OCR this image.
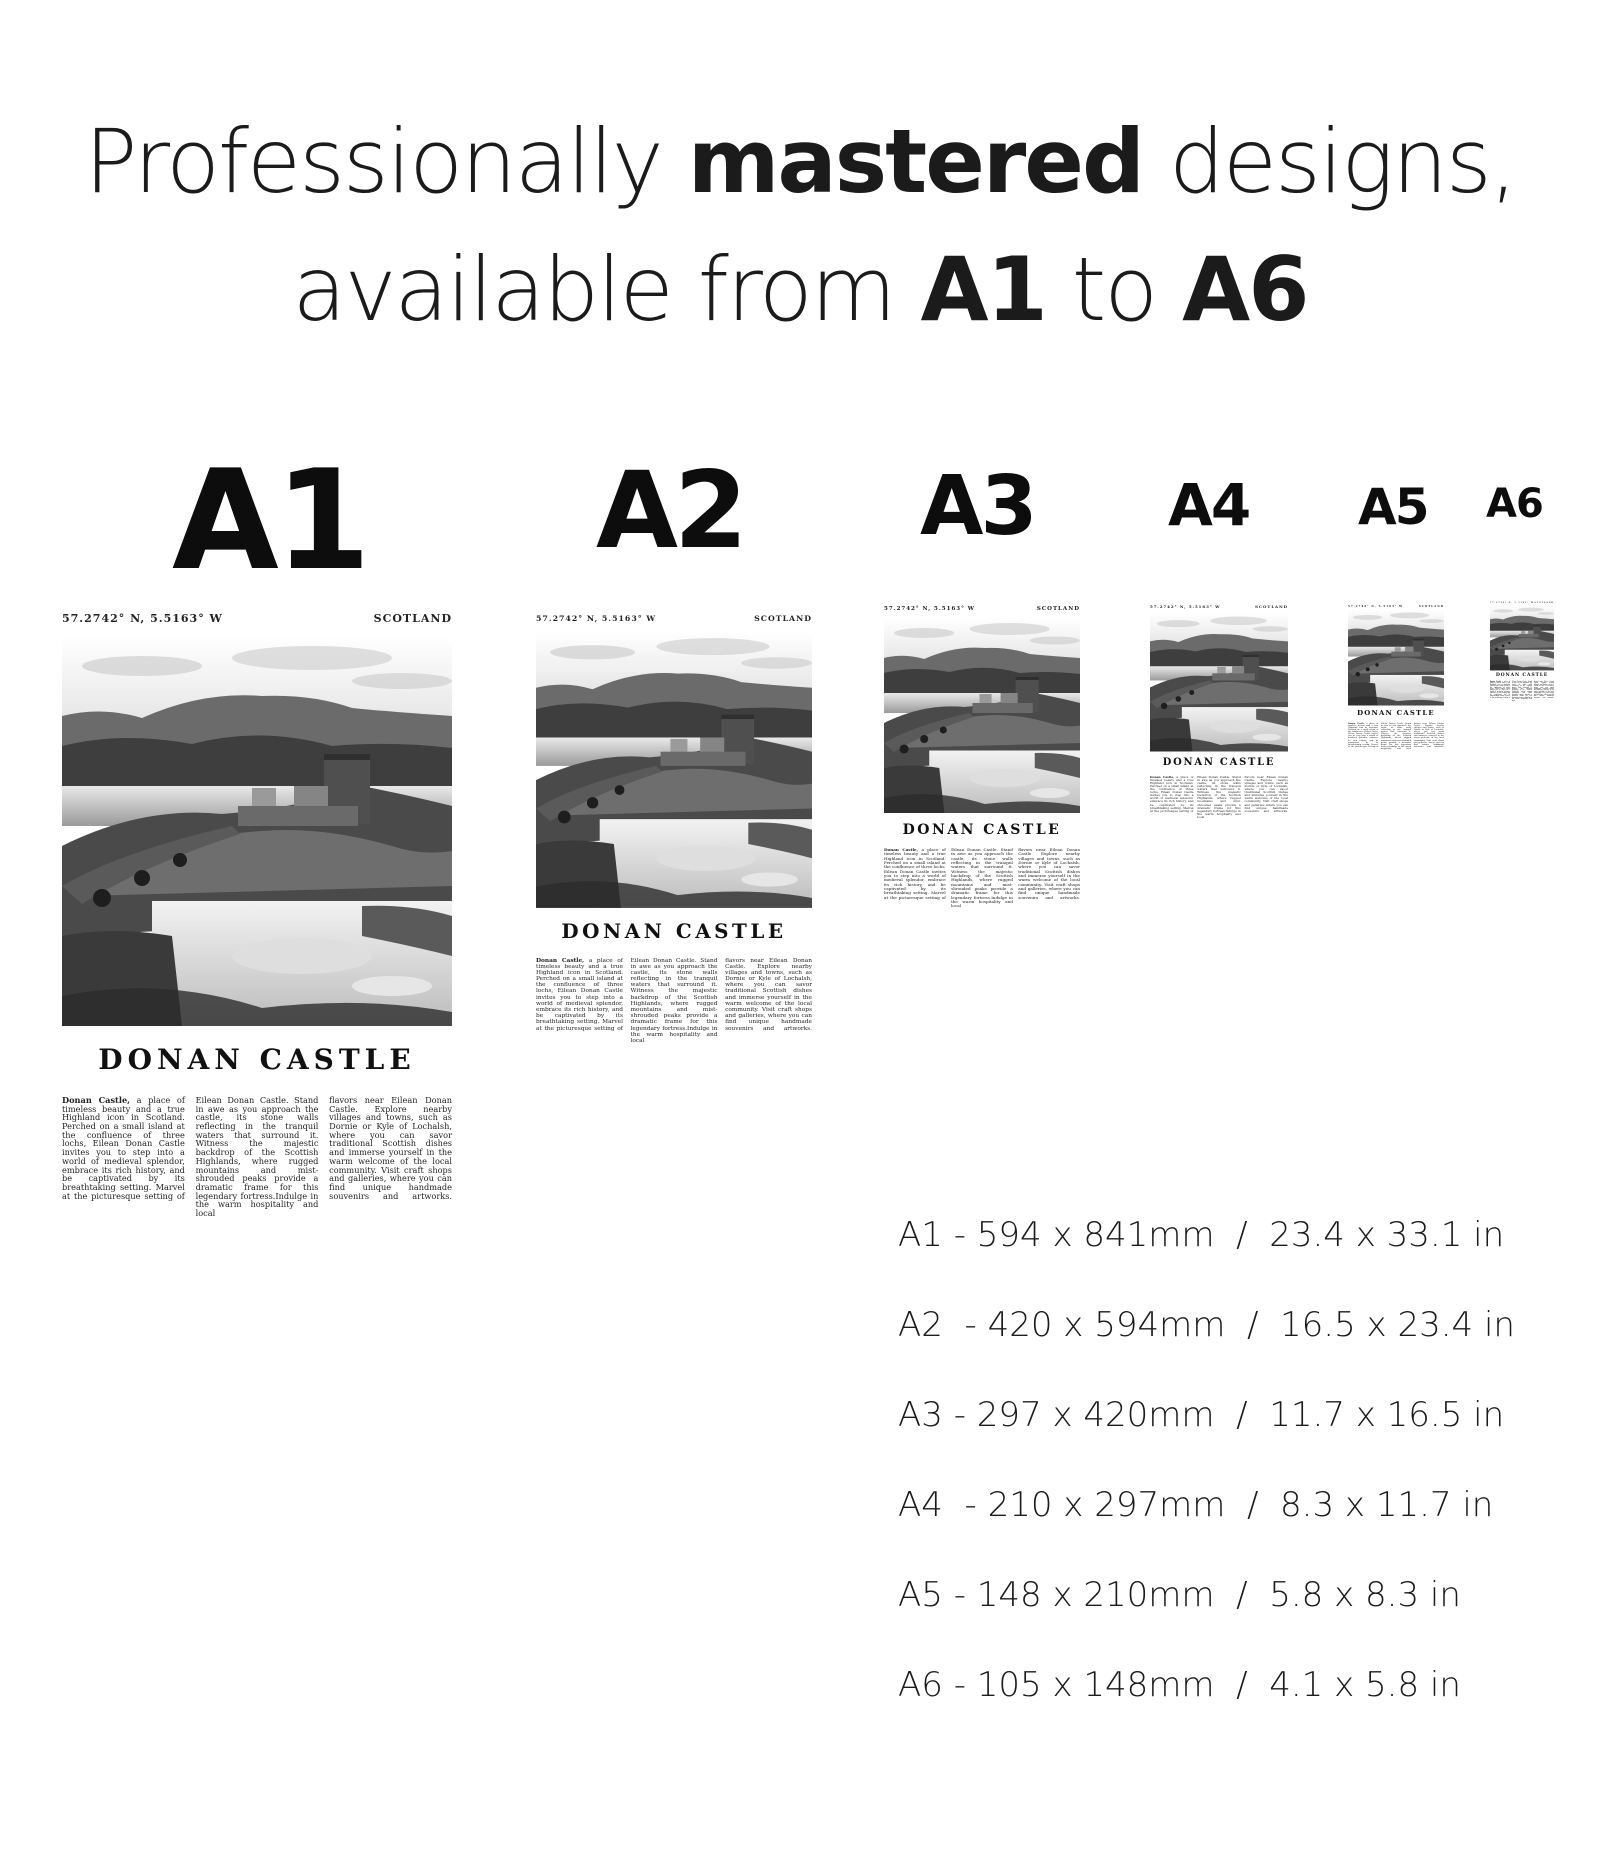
Professionally mastered designs,
available from A1 to A6
A1 A2 A3 A4 A5 A6
57.2742° N, 5.5163° W	SCOTLAND
DONAN CASTLE
Donan Castle, a place of timeless beauty and a true Highland icon in Scotland. Perched on a small island at the confluence of three lochs, Eilean Donan Castle invites you to step into a world of medieval splendor, embrace its rich history, and be captivated by its breathtaking setting. Marvel at the picturesque setting of
Eilean Donan Castle. Stand in awe as you approach the castle, its stone walls reflecting in the tranquil waters that surround it. Witness the majestic backdrop of the Scottish Highlands, where rugged mountains and mist-shrouded peaks provide a dramatic frame for this legendary fortress.Indulge in the warm hospitality and local
flavors near Eilean Donan Castle. Explore nearby villages and towns, such as Dornie or Kyle of Lochalsh, where you can savor traditional Scottish dishes and immerse yourself in the warm welcome of the local community. Visit craft shops and galleries, where you can find unique handmade souvenirs and artworks.
57.2742° N, 5.5163° W	SCOTLAND
DONAN CASTLE
Donan Castle, a place of timeless beauty and a true Highland icon in Scotland. Perched on a small island at the confluence of three lochs, Eilean Donan Castle invites you to step into a world of medieval splendor, embrace its rich history, and be captivated by its breathtaking setting. Marvel at the picturesque setting of
Eilean Donan Castle. Stand in awe as you approach the castle, its stone walls reflecting in the tranquil waters that surround it. Witness the majestic backdrop of the Scottish Highlands, where rugged mountains and mist-shrouded peaks provide a dramatic frame for this legendary fortress.Indulge in the warm hospitality and local
flavors near Eilean Donan Castle. Explore nearby villages and towns, such as Dornie or Kyle of Lochalsh, where you can savor traditional Scottish dishes and immerse yourself in the warm welcome of the local community. Visit craft shops and galleries, where you can find unique handmade souvenirs and artworks.
57.2742° N, 5.5163° W	SCOTLAND
DONAN CASTLE
Donan Castle, a place of timeless beauty and a true Highland icon in Scotland. Perched on a small island at the confluence of three lochs, Eilean Donan Castle invites you to step into a world of medieval splendor, embrace its rich history, and be captivated by its breathtaking setting. Marvel at the picturesque setting of
Eilean Donan Castle. Stand in awe as you approach the castle, its stone walls reflecting in the tranquil waters that surround it. Witness the majestic backdrop of the Scottish Highlands, where rugged mountains and mist-shrouded peaks provide a dramatic frame for this legendary fortress.Indulge in the warm hospitality and local
flavors near Eilean Donan Castle. Explore nearby villages and towns, such as Dornie or Kyle of Lochalsh, where you can savor traditional Scottish dishes and immerse yourself in the warm welcome of the local community. Visit craft shops and galleries, where you can find unique handmade souvenirs and artworks.
57.2742° N, 5.5163° W	SCOTLAND
DONAN CASTLE
Donan Castle, a place of timeless beauty and a true Highland icon in Scotland. Perched on a small island at the confluence of three lochs, Eilean Donan Castle invites you to step into a world of medieval splendor, embrace its rich history, and be captivated by its breathtaking setting. Marvel at the picturesque setting of
Eilean Donan Castle. Stand in awe as you approach the castle, its stone walls reflecting in the tranquil waters that surround it. Witness the majestic backdrop of the Scottish Highlands, where rugged mountains and mist-shrouded peaks provide a dramatic frame for this legendary fortress.Indulge in the warm hospitality and local
flavors near Eilean Donan Castle. Explore nearby villages and towns, such as Dornie or Kyle of Lochalsh, where you can savor traditional Scottish dishes and immerse yourself in the warm welcome of the local community. Visit craft shops and galleries, where you can find unique handmade souvenirs and artworks.
57.2742° N, 5.5163° W	SCOTLAND
DONAN CASTLE
Donan Castle, a place of timeless beauty and a true Highland icon in Scotland. Perched on a small island at the confluence of three lochs, Eilean Donan Castle invites you to step into a world of medieval splendor, embrace its rich history, and be captivated by its breathtaking setting. Marvel at the picturesque setting of
Eilean Donan Castle. Stand in awe as you approach the castle, its stone walls reflecting in the tranquil waters that surround it. Witness the majestic backdrop of the Scottish Highlands, where rugged mountains and mist-shrouded peaks provide a dramatic frame for this legendary fortress.Indulge in the warm hospitality and local
flavors near Eilean Donan Castle. Explore nearby villages and towns, such as Dornie or Kyle of Lochalsh, where you can savor traditional Scottish dishes and immerse yourself in the warm welcome of the local community. Visit craft shops and galleries, where you can find unique handmade souvenirs and artworks.
57.2742° N, 5.5163° W SCOTLAND
DONAN CASTLE
Donan Castle, a place of timeless beauty and a true Highland icon in Scotland. Perched on a small island at the confluence of three lochs, Eilean Donan Castle invites you to step into a world of medieval splendor, embrace its rich history, and be captivated by its breathtaking setting. Marvel at the picturesque setting of
Eilean Donan Castle. Stand in awe as you approach the castle, its stone walls reflecting in the tranquil waters that surround it. Witness the majestic backdrop of the Scottish Highlands, where rugged mountains and mist-shrouded peaks provide a dramatic frame for this legendary fortress.Indulge in the warm hospitality and local
flavors near Eilean Donan Castle. Explore nearby villages and towns, such as Dornie or Kyle of Lochalsh, where you can savor traditional Scottish dishes and immerse yourself in the warm welcome of the local community. Visit craft shops and galleries, where you can find unique handmade souvenirs and artworks.
A1 - 594 x 841mm  /  23.4 x 33.1 in
A2  - 420 x 594mm  /  16.5 x 23.4 in
A3 - 297 x 420mm  /  11.7 x 16.5 in
A4  - 210 x 297mm  /  8.3 x 11.7 in
A5 - 148 x 210mm  /  5.8 x 8.3 in
A6 - 105 x 148mm  /  4.1 x 5.8 in
